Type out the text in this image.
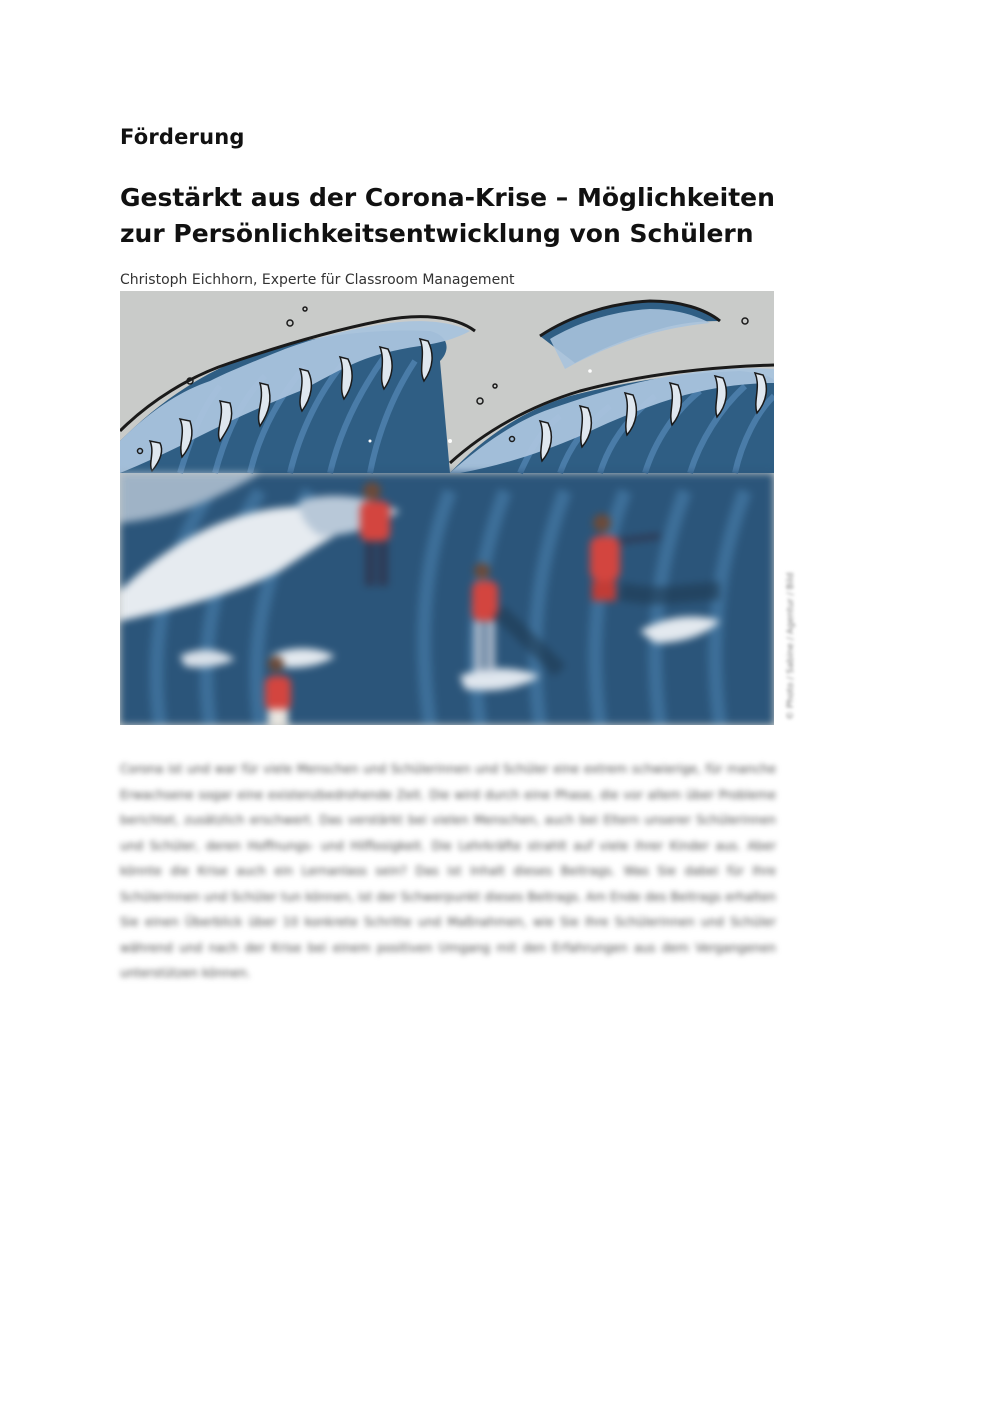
Förderung
Gestärkt aus der Corona-Krise – Möglichkeiten zur Persönlichkeitsentwicklung von Schülern
Christoph Eichhorn, Experte für Classroom Management
© Photo / Sabine / Agentur / Bild

Corona ist und war für viele Menschen und Schülerinnen und Schüler eine extrem schwierige, für manche Erwachsene sogar eine existenzbedrohende Zeit. Die wird durch eine Phase, die vor allem über Probleme berichtet, zusätzlich erschwert. Das verstärkt bei vielen Menschen, auch bei Eltern unserer Schülerinnen und Schüler, deren Hoffnungs- und Hilflosigkeit. Die Lehrkräfte strahlt auf viele ihrer Kinder aus. Aber könnte die Krise auch ein Lernanlass sein? Das ist Inhalt dieses Beitrags. Was Sie dabei für Ihre Schülerinnen und Schüler tun können, ist der Schwerpunkt dieses Beitrags. Am Ende des Beitrags erhalten Sie einen Überblick über 10 konkrete Schritte und Maßnahmen, wie Sie Ihre Schülerinnen und Schüler während und nach der Krise bei einem positiven Umgang mit den Erfahrungen aus dem Vergangenen unterstützen können.
